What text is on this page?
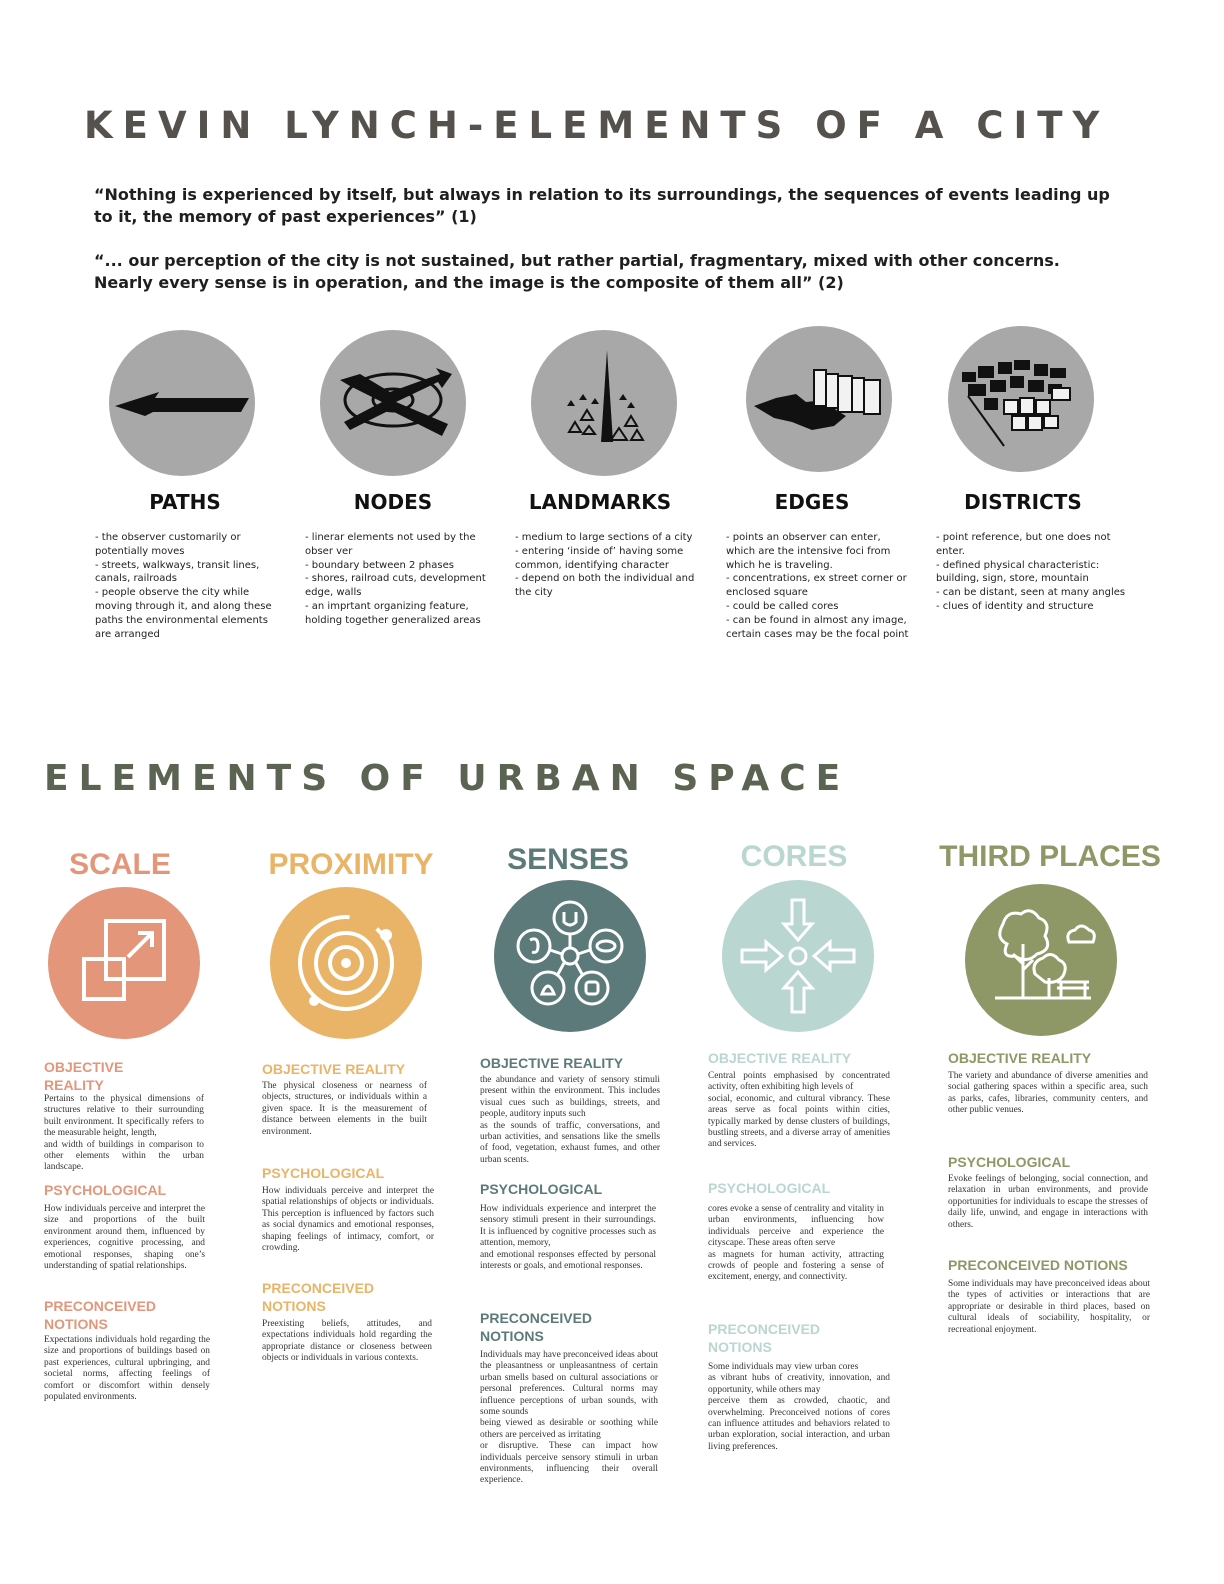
KEVIN LYNCH-ELEMENTS OF A CITY
“Nothing is experienced by itself, but always in relation to its surroundings, the sequences of events leading up to it, the memory of past experiences” (1)
“... our perception of the city is not sustained, but rather partial, fragmentary, mixed with other concerns. Nearly every sense is in operation, and the image is the composite of them all” (2)
PATHS
- the observer customarily or
potentially moves
- streets, walkways, transit lines,
canals, railroads
- people observe the city while
moving through it, and along these
paths the environmental elements
are arranged
NODES
- linerar elements not used by the
obser ver
- boundary between 2 phases
- shores, railroad cuts, development
edge, walls
- an imprtant organizing feature,
holding together generalized areas
LANDMARKS
- medium to large sections of a city
- entering ‘inside of’ having some
common, identifying character
- depend on both the individual and
the city
EDGES
- points an observer can enter,
which are the intensive foci from
which he is traveling.
- concentrations, ex street corner or
enclosed square
- could be called cores
- can be found in almost any image,
certain cases may be the focal point
DISTRICTS
- point reference, but one does not
enter.
- defined physical characteristic:
building, sign, store, mountain
- can be distant, seen at many angles
- clues of identity and structure
ELEMENTS OF URBAN SPACE
SCALE
OBJECTIVE
REALITY
Pertains to the physical dimensions of structures relative to their surrounding built environment. It specifically refers to the measurable height, length,
and width of buildings in comparison to other elements within the urban landscape.
PSYCHOLOGICAL
How individuals perceive and interpret the size and proportions of the built environment around them, influenced by experiences, cognitive processing, and emotional responses, shaping one’s understanding of spatial relationships.
PRECONCEIVED
NOTIONS
Expectations individuals hold regarding the size and proportions of buildings based on past experiences, cultural upbringing, and societal norms, affecting feelings of comfort or discomfort within densely populated environments.
PROXIMITY
OBJECTIVE REALITY
The physical closeness or nearness of objects, structures, or individuals within a given space. It is the measurement of distance between elements in the built environment.
PSYCHOLOGICAL
How individuals perceive and interpret the spatial relationships of objects or individuals. This perception is influenced by factors such as social dynamics and emotional responses, shaping feelings of intimacy, comfort, or crowding.
PRECONCEIVED
NOTIONS
Preexisting beliefs, attitudes, and expectations individuals hold regarding the appropriate distance or closeness between objects or individuals in various contexts.
SENSES
OBJECTIVE REALITY
the abundance and variety of sensory stimuli present within the environment. This includes visual cues such as buildings, streets, and people, auditory inputs such
as the sounds of traffic, conversations, and urban activities, and sensations like the smells of food, vegetation, exhaust fumes, and other urban scents.
PSYCHOLOGICAL
How individuals experience and interpret the sensory stimuli present in their surroundings. It is influenced by cognitive processes such as attention, memory,
and emotional responses effected by personal interests or goals, and emotional responses.
PRECONCEIVED
NOTIONS
Individuals may have preconceived ideas about the pleasantness or unpleasantness of certain urban smells based on cultural associations or personal preferences. Cultural norms may influence perceptions of urban sounds, with some sounds
being viewed as desirable or soothing while others are perceived as irritating
or disruptive. These can impact how individuals perceive sensory stimuli in urban environments, influencing their overall experience.
CORES
OBJECTIVE REALITY
Central points emphasised by concentrated activity, often exhibiting high levels of
social, economic, and cultural vibrancy. These areas serve as focal points within cities, typically marked by dense clusters of buildings, bustling streets, and a diverse array of amenities and services.
PSYCHOLOGICAL
cores evoke a sense of centrality and vitality in urban environments, influencing how individuals perceive and experience the cityscape. These areas often serve
as magnets for human activity, attracting crowds of people and fostering a sense of excitement, energy, and connectivity.
PRECONCEIVED
NOTIONS
Some individuals may view urban cores
as vibrant hubs of creativity, innovation, and opportunity, while others may
perceive them as crowded, chaotic, and overwhelming. Preconceived notions of cores can influence attitudes and behaviors related to urban exploration, social interaction, and urban living preferences.
THIRD PLACES
OBJECTIVE REALITY
The variety and abundance of diverse amenities and social gathering spaces within a specific area, such as parks, cafes, libraries, community centers, and other public venues.
PSYCHOLOGICAL
Evoke feelings of belonging, social connection, and relaxation in urban environments, and provide opportunities for individuals to escape the stresses of daily life, unwind, and engage in interactions with others.
PRECONCEIVED NOTIONS
Some individuals may have preconceived ideas about the types of activities or interactions that are appropriate or desirable in third places, based on cultural ideals of sociability, hospitality, or recreational enjoyment.
